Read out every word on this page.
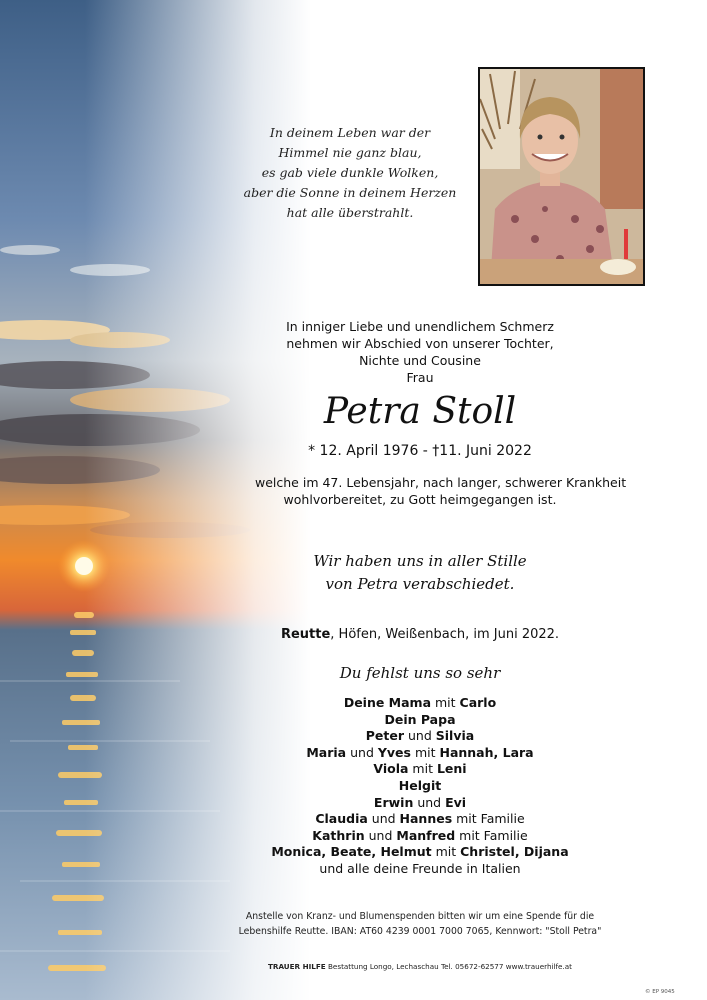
In deinem Leben war der
Himmel nie ganz blau,
es gab viele dunkle Wolken,
aber die Sonne in deinem Herzen
hat alle überstrahlt.
In inniger Liebe und unendlichem Schmerz
nehmen wir Abschied von unserer Tochter,
Nichte und Cousine
Frau
Petra Stoll
* 12. April 1976 - †11. Juni 2022
welche im 47. Lebensjahr, nach langer, schwerer Krankheit
wohlvorbereitet, zu Gott heimgegangen ist.
Wir haben uns in aller Stille
von Petra verabschiedet.
Reutte, Höfen, Weißenbach, im Juni 2022.
Du fehlst uns so sehr
Deine Mama mit Carlo
Dein Papa
Peter und Silvia
Maria und Yves mit Hannah, Lara
Viola mit Leni
Helgit
Erwin und Evi
Claudia und Hannes mit Familie
Kathrin und Manfred mit Familie
Monica, Beate, Helmut mit Christel, Dijana
und alle deine Freunde in Italien
Anstelle von Kranz- und Blumenspenden bitten wir um eine Spende für die
Lebenshilfe Reutte. IBAN: AT60 4239 0001 7000 7065, Kennwort: "Stoll Petra"
TRAUER HILFE Bestattung Longo, Lechaschau Tel. 05672-62577 www.trauerhilfe.at
© EP 9045
